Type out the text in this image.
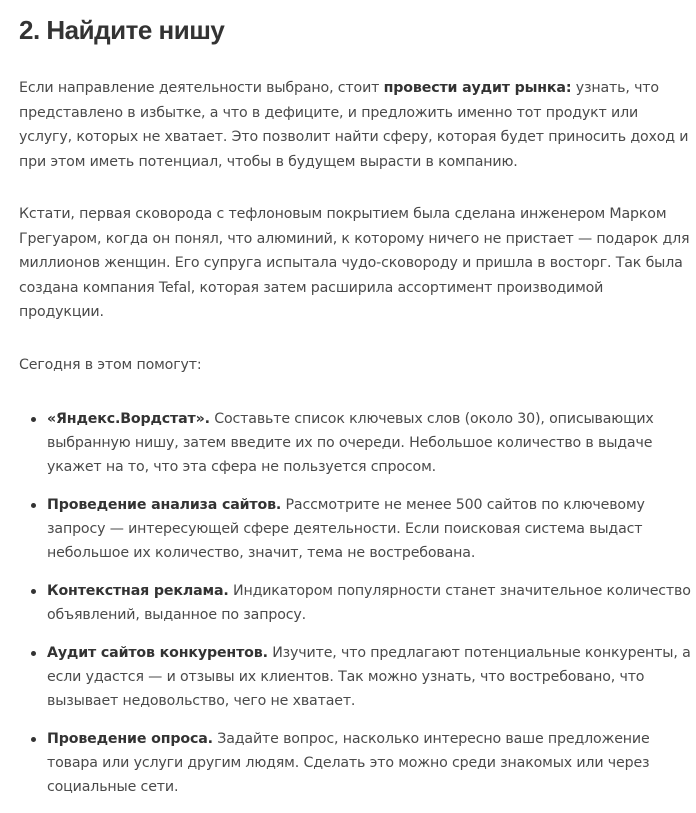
2. Найдите нишу

Если направление деятельности выбрано, стоит провести аудит рынка: узнать, что представлено в избытке, а что в дефиците, и предложить именно тот продукт или услугу, которых не хватает. Это позволит найти сферу, которая будет приносить доход и при этом иметь потенциал, чтобы в будущем вырасти в компанию.

Кстати, первая сковорода с тефлоновым покрытием была сделана инженером Марком Грегуаром, когда он понял, что алюминий, к которому ничего не пристает — подарок для миллионов женщин. Его супруга испытала чудо-сковороду и пришла в восторг. Так была создана компания Tefal, которая затем расширила ассортимент производимой продукции.

Сегодня в этом помогут:

«Яндекс.Вордстат». Составьте список ключевых слов (около 30), описывающих выбранную нишу, затем введите их по очереди. Небольшое количество в выдаче укажет на то, что эта сфера не пользуется спросом.
Проведение анализа сайтов. Рассмотрите не менее 500 сайтов по ключевому запросу — интересующей сфере деятельности. Если поисковая система выдаст небольшое их количество, значит, тема не востребована.
Контекстная реклама. Индикатором популярности станет значительное количество объявлений, выданное по запросу.
Аудит сайтов конкурентов. Изучите, что предлагают потенциальные конкуренты, а если удастся — и отзывы их клиентов. Так можно узнать, что востребовано, что вызывает недовольство, чего не хватает.
Проведение опроса. Задайте вопрос, насколько интересно ваше предложение товара или услуги другим людям. Сделать это можно среди знакомых или через социальные сети.
